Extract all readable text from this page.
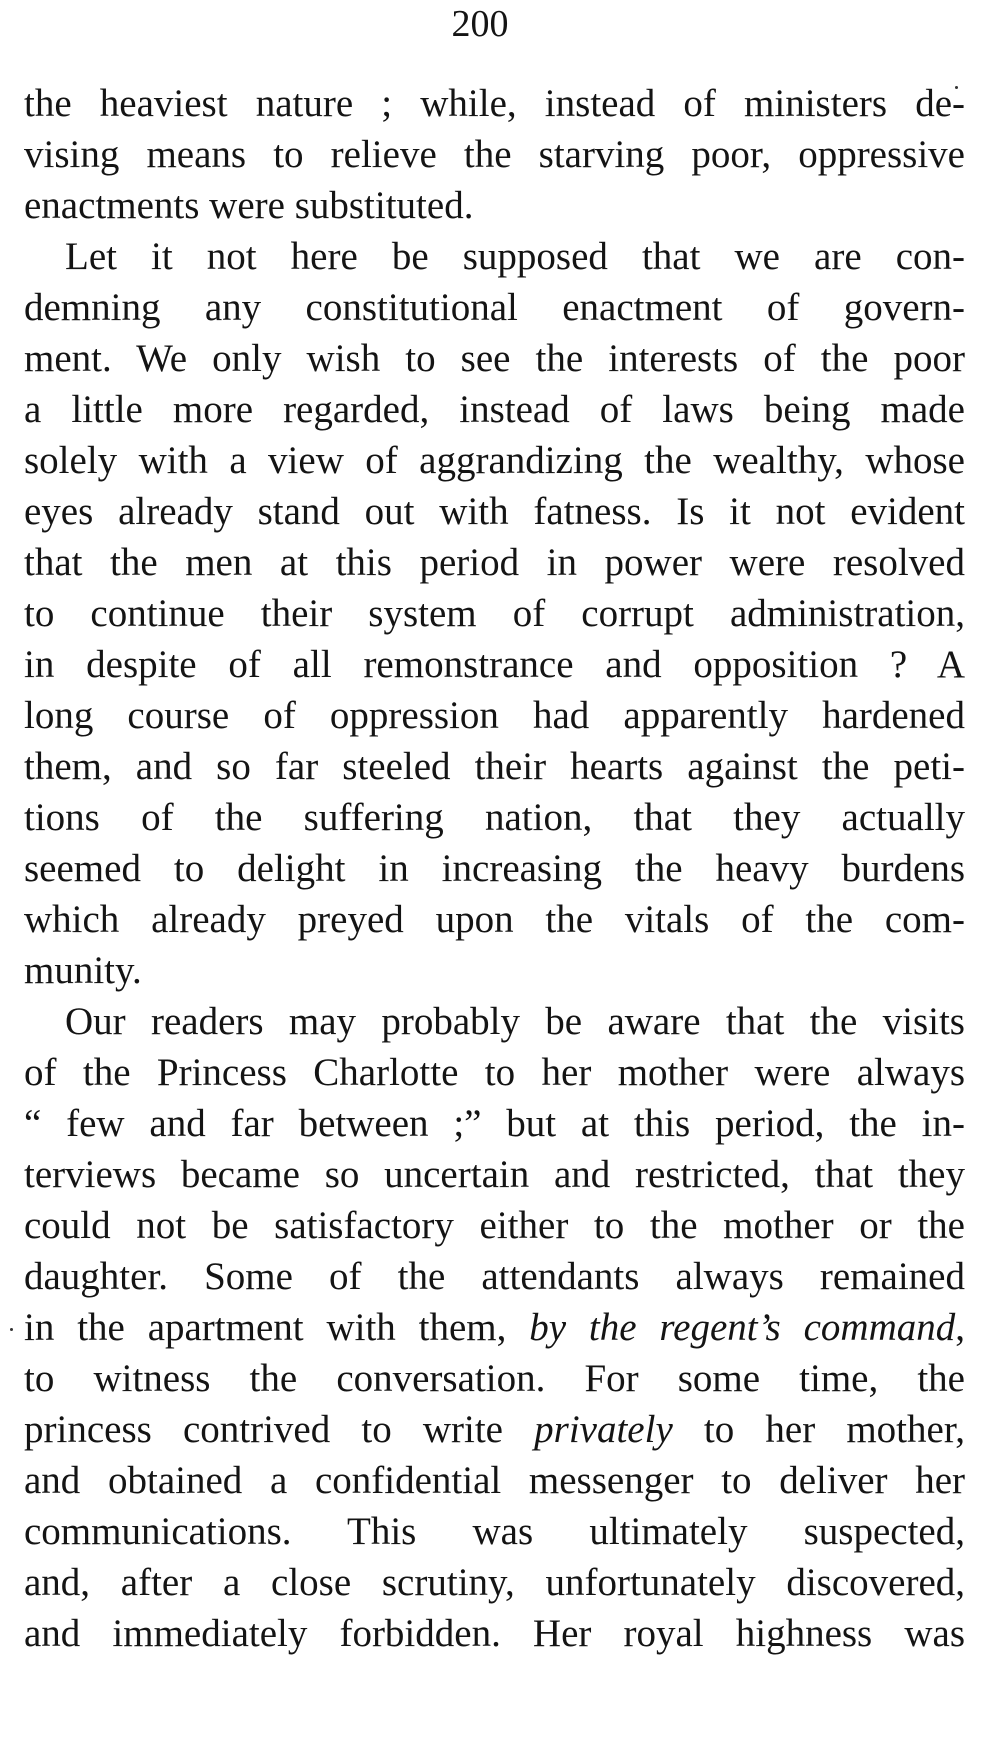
200
the heaviest nature ; while, instead of ministers de-
vising means to relieve the starving poor, oppressive
enactments were substituted.
Let it not here be supposed that we are con-
demning any constitutional enactment of govern-
ment. We only wish to see the interests of the poor
a little more regarded, instead of laws being made
solely with a view of aggrandizing the wealthy, whose
eyes already stand out with fatness. Is it not evident
that the men at this period in power were resolved
to continue their system of corrupt administration,
in despite of all remonstrance and opposition ? A
long course of oppression had apparently hardened
them, and so far steeled their hearts against the peti-
tions of the suffering nation, that they actually
seemed to delight in increasing the heavy burdens
which already preyed upon the vitals of the com-
munity.
Our readers may probably be aware that the visits
of the Princess Charlotte to her mother were always
“ few and far between ;” but at this period, the in-
terviews became so uncertain and restricted, that they
could not be satisfactory either to the mother or the
daughter. Some of the attendants always remained
in the apartment with them, by the regent’s command,
to witness the conversation. For some time, the
princess contrived to write privately to her mother,
and obtained a confidential messenger to deliver her
communications. This was ultimately suspected,
and, after a close scrutiny, unfortunately discovered,
and immediately forbidden. Her royal highness was
